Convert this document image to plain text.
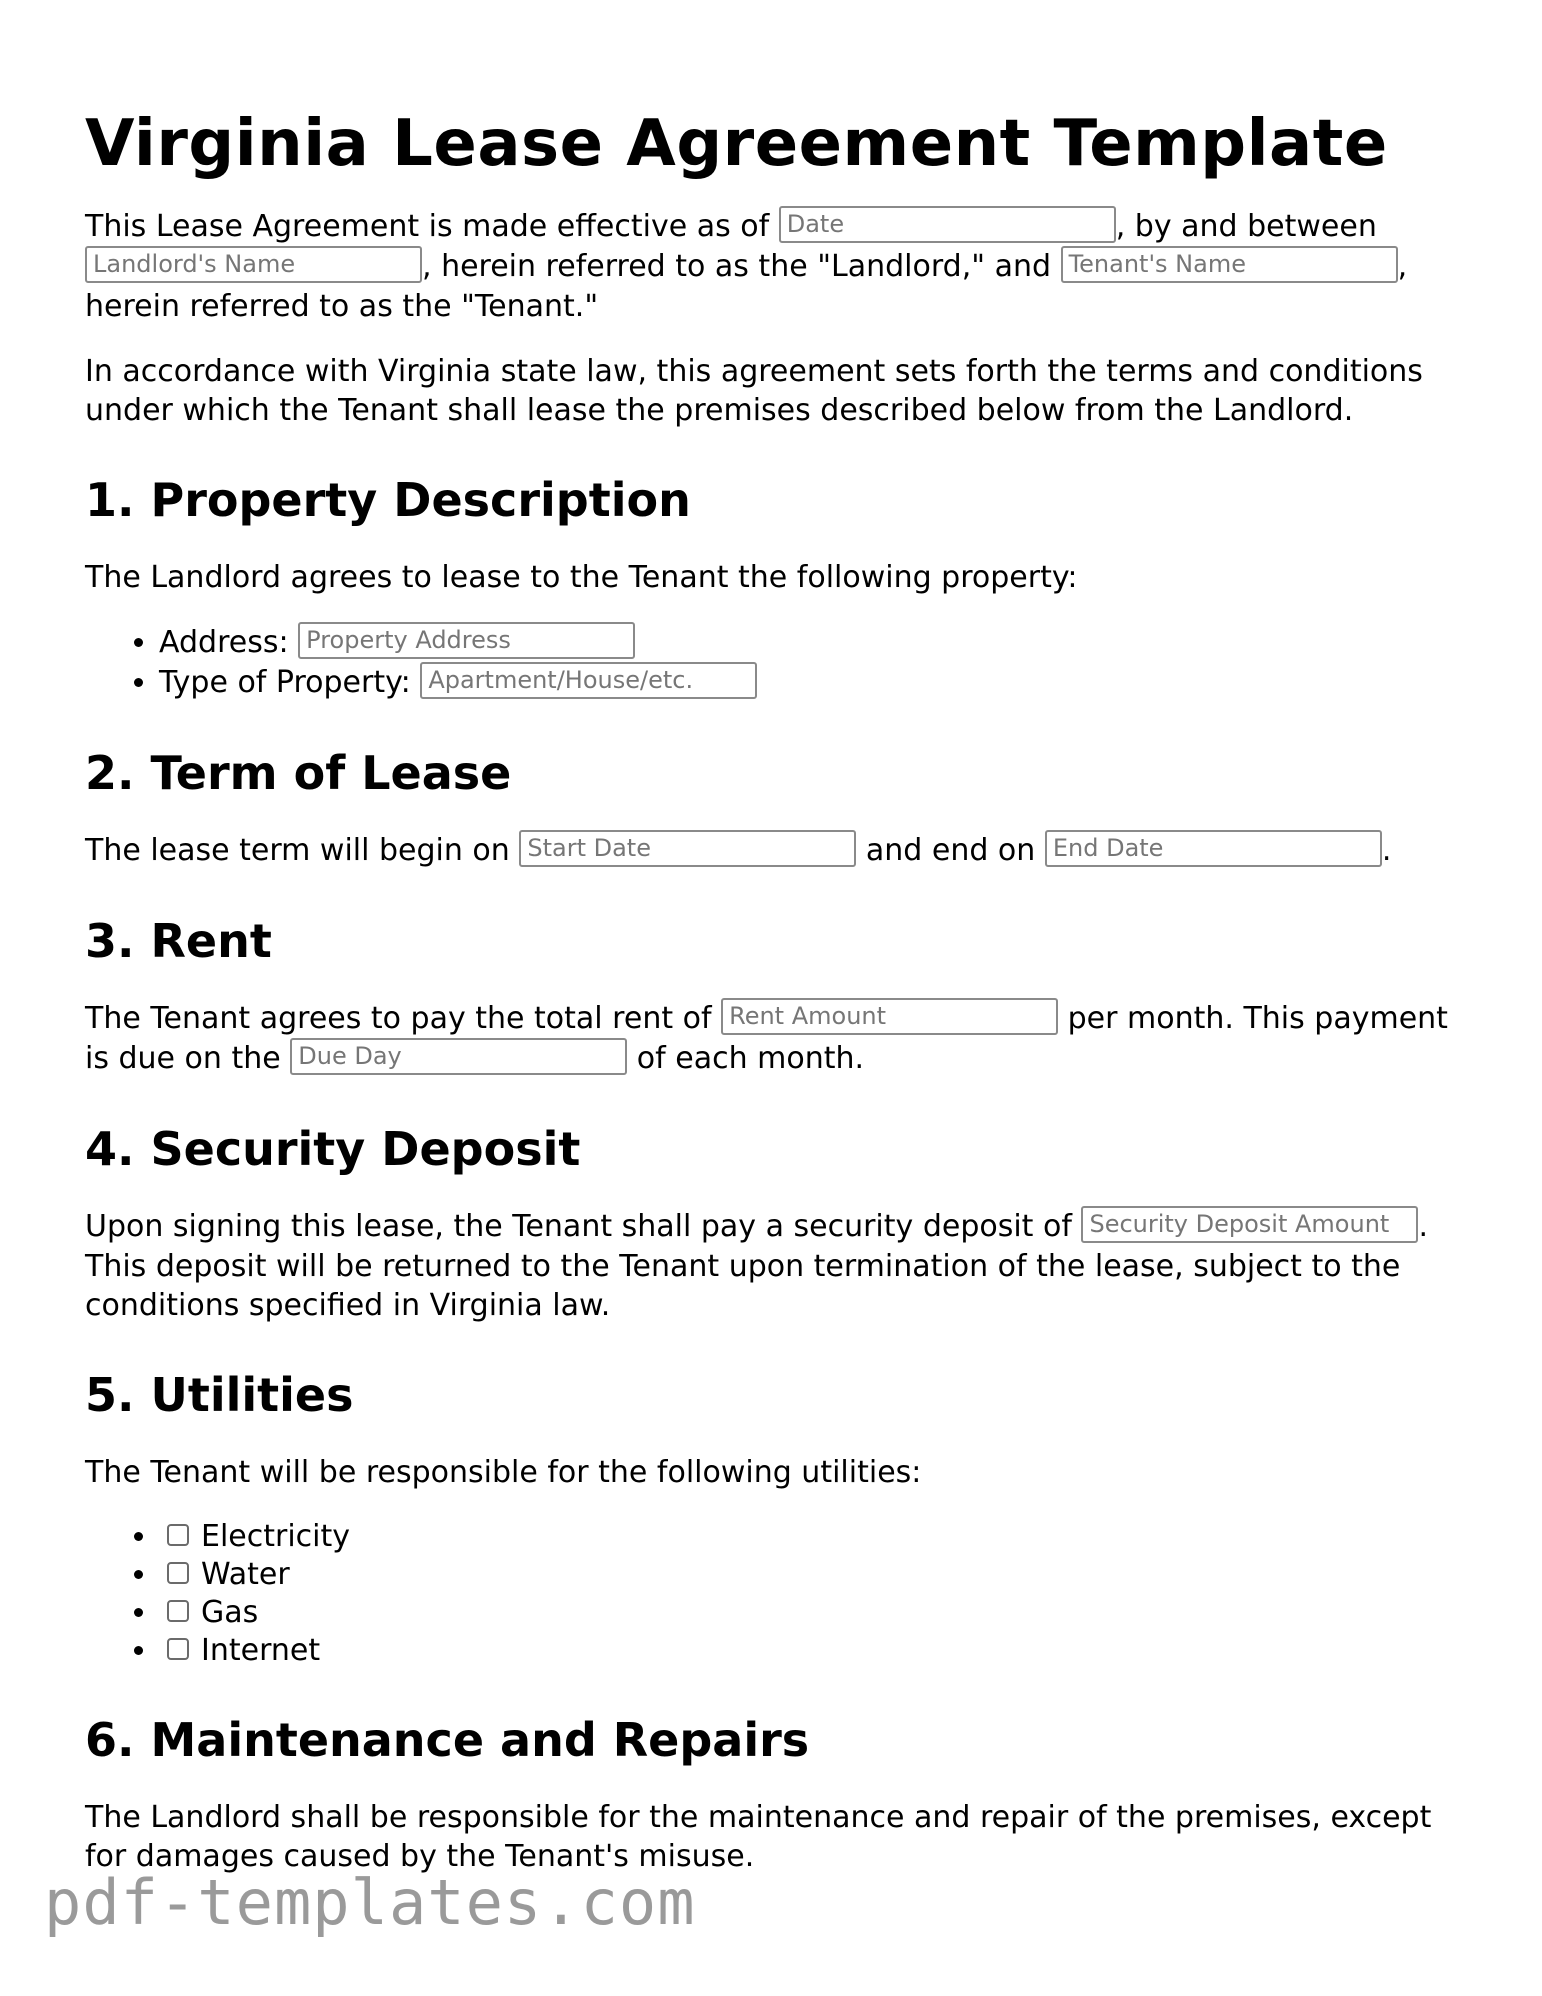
Virginia Lease Agreement Template

This Lease Agreement is made effective as of Date	, by and between Landlord's Name	, herein referred to as the "Landlord," and Tenant's Name	, herein referred to as the "Tenant."

In accordance with Virginia state law, this agreement sets forth the terms and conditions under which the Tenant shall lease the premises described below from the Landlord.

1. Property Description

The Landlord agrees to lease to the Tenant the following property:

• Address: Property Address
• Type of Property: Apartment/House/etc.
2. Term of Lease

The lease term will begin on Start Date	and end on End Date	.

3. Rent

The Tenant agrees to pay the total rent of Rent Amount	per month. This payment is due on the Due Day	of each month.

4. Security Deposit

Upon signing this lease, the Tenant shall pay a security deposit of Security Deposit Amount . This deposit will be returned to the Tenant upon termination of the lease, subject to the conditions specified in Virginia law.

5. Utilities

The Tenant will be responsible for the following utilities:

• Electricity
• Water
• Gas
• Internet
6. Maintenance and Repairs

The Landlord shall be responsible for the maintenance and repair of the premises, except for damages caused by the Tenant's misuse.

pdf-templates.com
